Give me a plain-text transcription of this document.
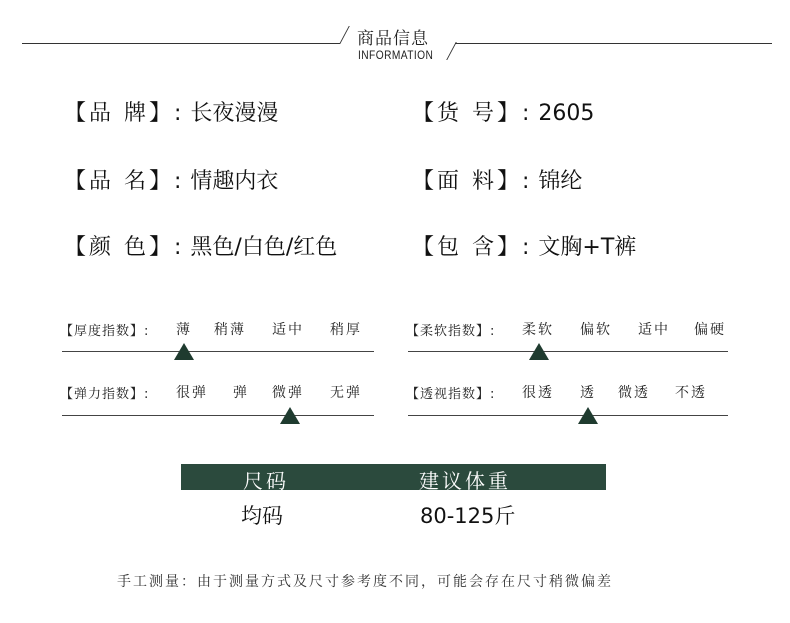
商品信息
INFORMATION
【品 牌】: 长夜漫漫	【货 号】: 2605
【品 名】: 情趣内衣	【面 料】: 锦纶
【颜 色】: 黑色/白色/红色	【包 含】: 文胸+T裤
【厚度指数】: 薄 稍薄 适中 稍厚	【柔软指数】: 柔软 偏软 适中 偏硬
【弹力指数】: 很弹 弹 微弹 无弹	【透视指数】: 很透 透 微透 不透
尺码	建议体重
均码	80-125斤
手工测量：由于测量方式及尺寸参考度不同，可能会存在尺寸稍微偏差
